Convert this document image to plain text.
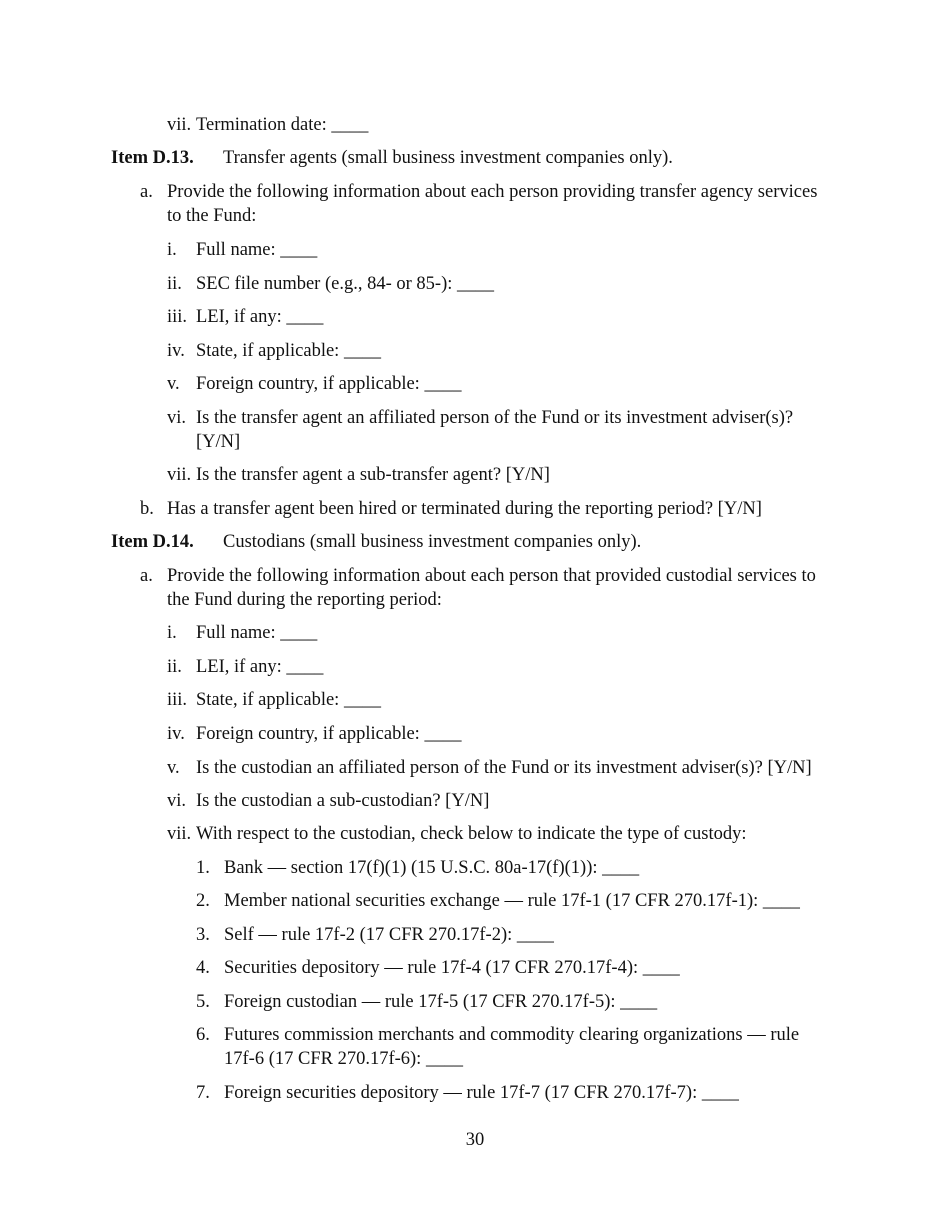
vii. Termination date: ____
Item D.13. Transfer agents (small business investment companies only).
a. Provide the following information about each person providing transfer agency services
to the Fund:
i. Full name: ____
ii. SEC file number (e.g., 84- or 85-): ____
iii. LEI, if any: ____
iv. State, if applicable: ____
v. Foreign country, if applicable: ____
vi. Is the transfer agent an affiliated person of the Fund or its investment adviser(s)?
[Y/N]
vii. Is the transfer agent a sub-transfer agent? [Y/N]
b. Has a transfer agent been hired or terminated during the reporting period? [Y/N]
Item D.14. Custodians (small business investment companies only).
a. Provide the following information about each person that provided custodial services to
the Fund during the reporting period:
i. Full name: ____
ii. LEI, if any: ____
iii. State, if applicable: ____
iv. Foreign country, if applicable: ____
v. Is the custodian an affiliated person of the Fund or its investment adviser(s)? [Y/N]
vi. Is the custodian a sub-custodian? [Y/N]
vii. With respect to the custodian, check below to indicate the type of custody:
1. Bank — section 17(f)(1) (15 U.S.C. 80a-17(f)(1)): ____
2. Member national securities exchange — rule 17f-1 (17 CFR 270.17f-1): ____
3. Self — rule 17f-2 (17 CFR 270.17f-2): ____
4. Securities depository — rule 17f-4 (17 CFR 270.17f-4): ____
5. Foreign custodian — rule 17f-5 (17 CFR 270.17f-5): ____
6. Futures commission merchants and commodity clearing organizations — rule
17f-6 (17 CFR 270.17f-6): ____
7. Foreign securities depository — rule 17f-7 (17 CFR 270.17f-7): ____
30
